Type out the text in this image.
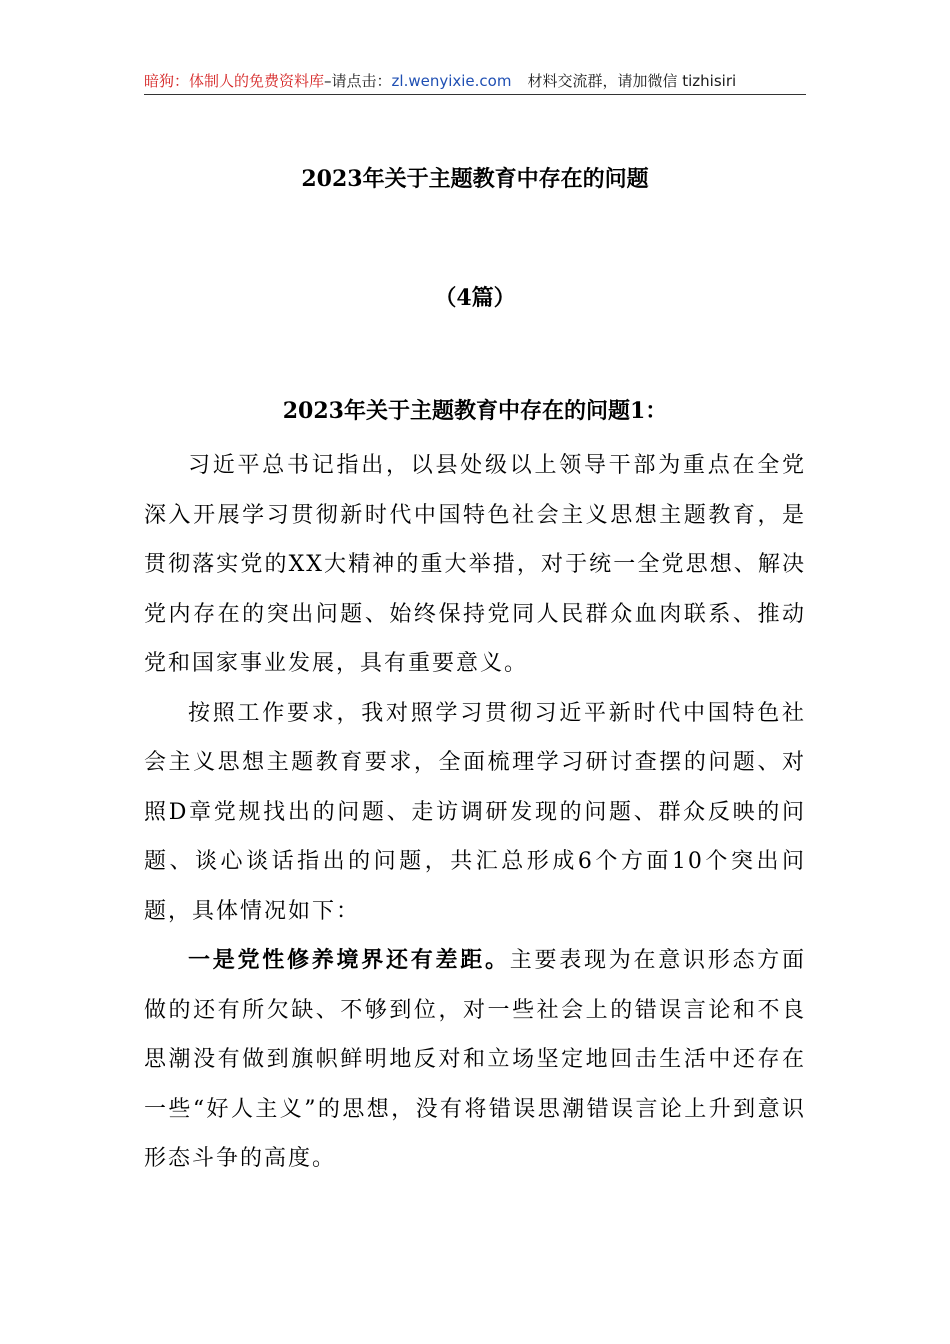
暗狗：体制人的免费资料库–请点击：zl.wenyixie.com 材料交流群，请加微信 tizhisiri
2023年关于主题教育中存在的问题
（4篇）
2023年关于主题教育中存在的问题1：

习近平总书记指出，以县处级以上领导干部为重点在全党深入开展学习贯彻新时代中国特色社会主义思想主题教育，是贯彻落实党的XX大精神的重大举措，对于统一全党思想、解决党内存在的突出问题、始终保持党同人民群众血肉联系、推动党和国家事业发展，具有重要意义。

按照工作要求，我对照学习贯彻习近平新时代中国特色社会主义思想主题教育要求，全面梳理学习研讨查摆的问题、对照D章党规找出的问题、走访调研发现的问题、群众反映的问题、谈心谈话指出的问题，共汇总形成6个方面10个突出问题，具体情况如下：

一是党性修养境界还有差距。主要表现为在意识形态方面做的还有所欠缺、不够到位，对一些社会上的错误言论和不良思潮没有做到旗帜鲜明地反对和立场坚定地回击生活中还存在一些“好人主义”的思想，没有将错误思潮错误言论上升到意识形态斗争的高度。
